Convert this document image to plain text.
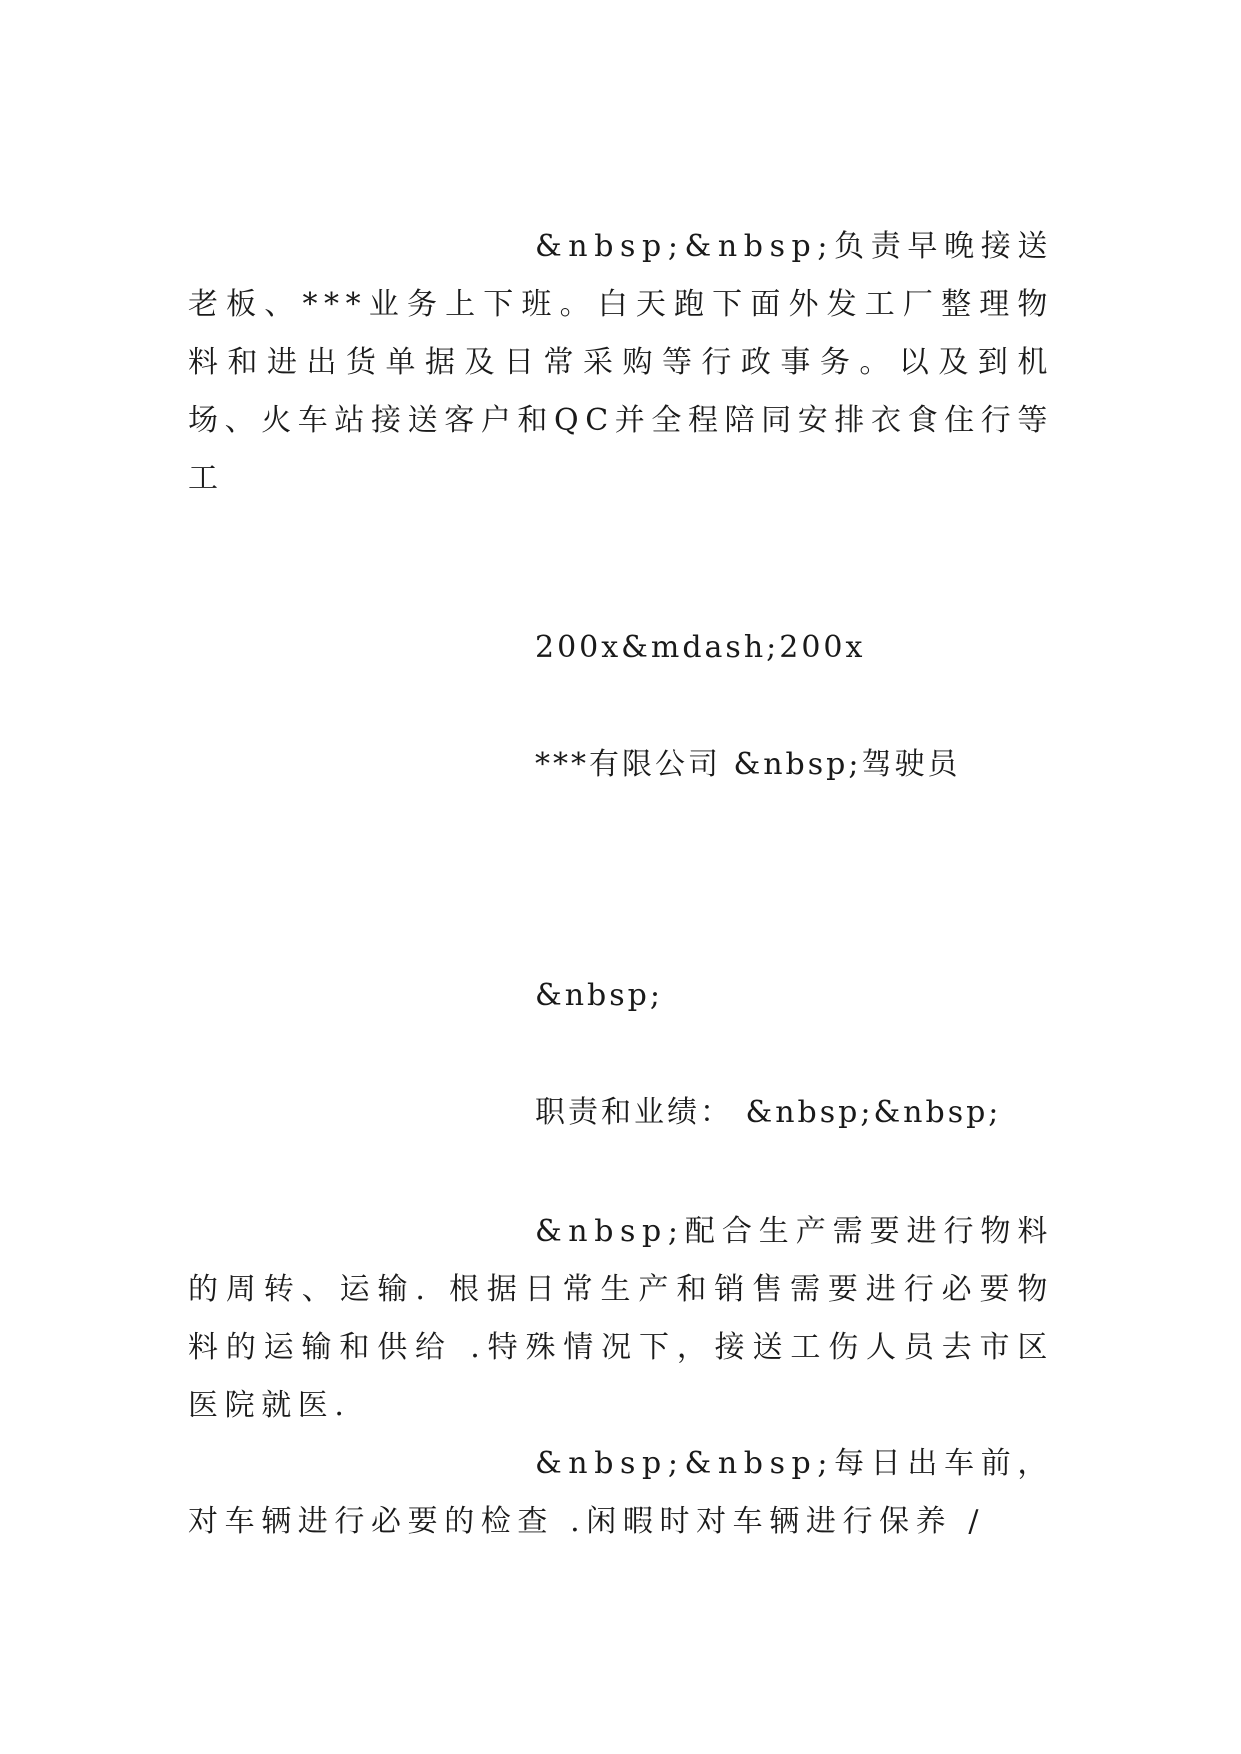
&nbsp;&nbsp;负责早晚接送老板、***业务上下班。白天跑下面外发工厂整理物料和进出货单据及日常采购等行政事务。以及到机场、火车站接送客户和QC并全程陪同安排衣食住行等工

200x&mdash;200x

***有限公司 &nbsp;驾驶员

&nbsp;

职责和业绩： &nbsp;&nbsp;

&nbsp;配合生产需要进行物料的周转、运输. 根据日常生产和销售需要进行必要物料的运输和供给 .特殊情况下，接送工伤人员去市区医院就医.

&nbsp;&nbsp;每日出车前，对车辆进行必要的检查 .闲暇时对车辆进行保养 /
